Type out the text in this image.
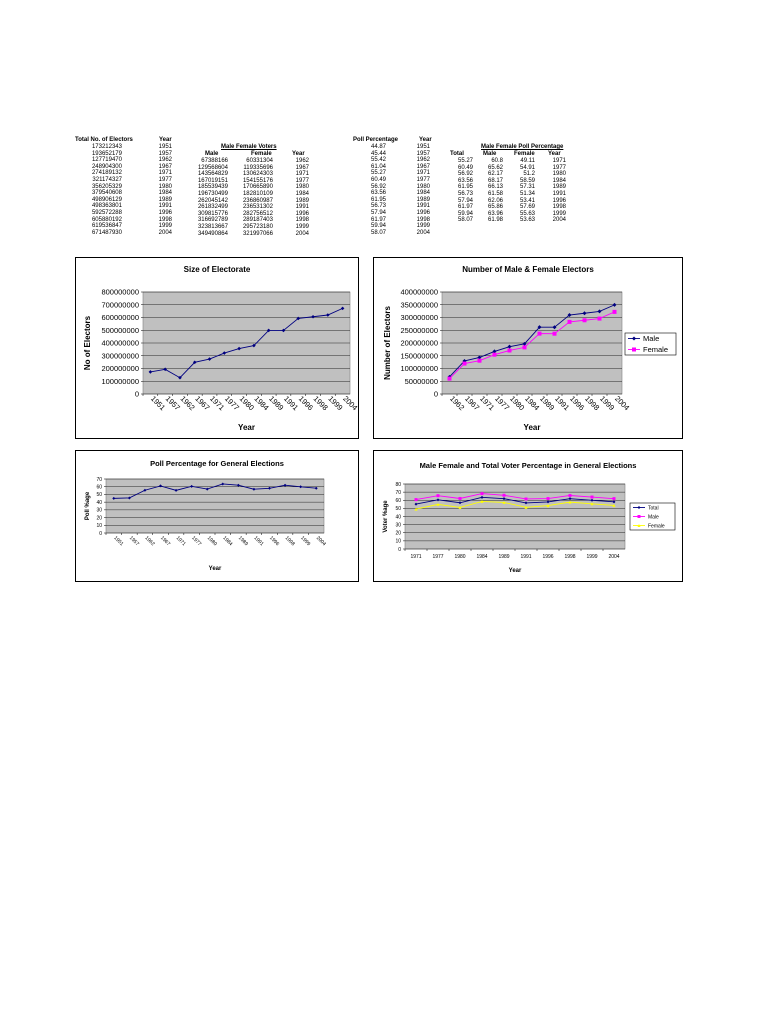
Total No. of Electors	Year
Male Female Voters
Male	Female	Year
173212343	1951
193652179	1957
127719470	1962
248904300	1967
274189132	1971
321174327	1977
356205329	1980
379540608	1984
498906129	1989
498363801	1991
592572288	1996
605880192	1998
619536847	1999
671487930	2004
67388166	60331304	1962
129568604	119335696	1967
143564829	130624303	1971
167019151	154155176	1977
185539439	170665890	1980
196730499	182810109	1984
262045142	236860987	1989
261832499	236531302	1991
309815776	282756512	1996
316692789	289187403	1998
323813667	295723180	1999
349490864	321997066	2004
Poll Percentage	Year
Male Female Poll Percentage
Total	Male	Female Year
44.87	1951
45.44	1957
55.42	1962
61.04	1967
55.27	1971
60.49	1977
56.92	1980
63.56	1984
61.95	1989
56.73	1991
57.94	1996
61.97	1998
59.94	1999
58.07	2004
55.27	60.8	49.11	1971
60.49	65.62	54.91	1977
56.92	62.17	51.2	1980
63.56	68.17	58.59	1984
61.95	66.13	57.31	1989
56.73	61.58	51.34	1991
57.94	62.06	53.41	1996
61.97	65.86	57.69	1998
59.94	63.96	55.63	1999
58.07	61.98	53.63	2004
Size of Electorate
0
100000000
200000000
300000000
400000000
500000000
600000000
700000000
800000000
1951
1957
1962
1967
1971
1977
1980
1984
1989
1991
1996
1998
1999
2004
Year
No of Electors
Number of Male & Female Electors
0
50000000
100000000
150000000
200000000
250000000
300000000
350000000
400000000
1962
1967
1971
1977
1980
1984
1989
1991
1996
1998
1999
2004
Year
Number of Electors	Male
Female
Poll Percentage for General Elections
0
10
20
30
40
50
60
70
1951 1957 1962 1967 1971 1977 1980 1984 1989 1991 1996 1998 1999 2004
Year
Poll %age
Male Female and Total Voter Percentage in General Elections
0
10
20
30
40
50
60
70
80
1971 1977 1980 1984 1989 1991 1996 1998 1999 2004
Year
Voter %age	Total
Male
Female
